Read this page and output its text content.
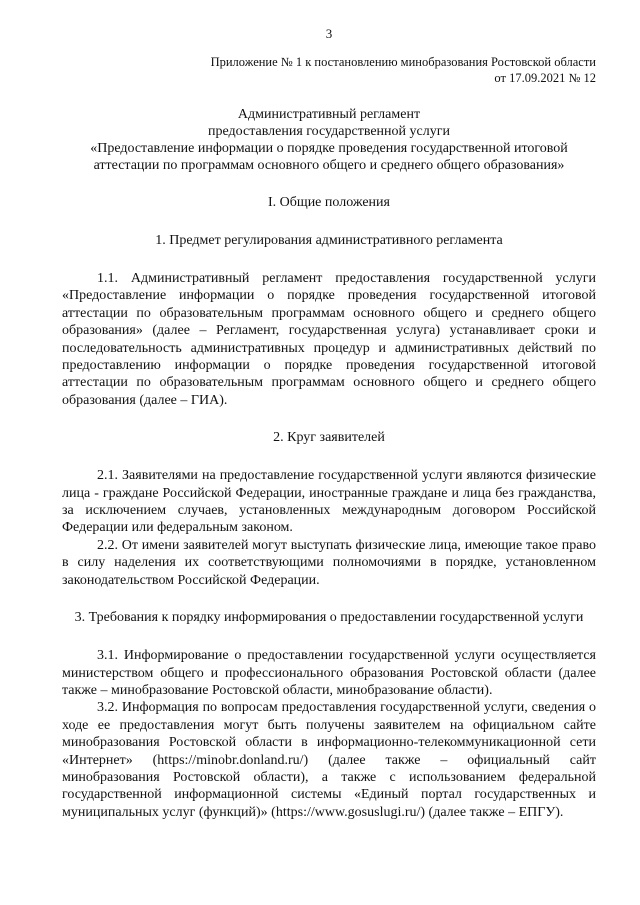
3
Приложение № 1 к постановлению минобразования Ростовской области
от 17.09.2021 № 12
Административный регламент
предоставления государственной услуги
«Предоставление информации о порядке проведения государственной итоговой
аттестации по программам основного общего и среднего общего образования»
I. Общие положения
1. Предмет регулирования административного регламента

1.1. Административный регламент предоставления государственной услуги «Предоставление информации о порядке проведения государственной итоговой аттестации по образовательным программам основного общего и среднего общего образования» (далее – Регламент, государственная услуга) устанавливает сроки и последовательность административных процедур и административных действий по предоставлению информации о порядке проведения государственной итоговой аттестации по образовательным программам основного общего и среднего общего образования (далее – ГИА).

2. Круг заявителей

2.1. Заявителями на предоставление государственной услуги являются физические лица - граждане Российской Федерации, иностранные граждане и лица без гражданства, за исключением случаев, установленных международным договором Российской Федерации или федеральным законом.

2.2. От имени заявителей могут выступать физические лица, имеющие такое право в силу наделения их соответствующими полномочиями в порядке, установленном законодательством Российской Федерации.

3. Требования к порядку информирования о предоставлении государственной услуги

3.1. Информирование о предоставлении государственной услуги осуществляется министерством общего и профессионального образования Ростовской области (далее также – минобразование Ростовской области, минобразование области).

3.2. Информация по вопросам предоставления государственной услуги, сведения о ходе ее предоставления могут быть получены заявителем на официальном сайте минобразования Ростовской области в информационно-телекоммуникационной сети «Интернет» (https://minobr.donland.ru/) (далее также – официальный сайт минобразования Ростовской области), а также с использованием федеральной государственной информационной системы «Единый портал государственных и муниципальных услуг (функций)» (https://www.gosuslugi.ru/) (далее также – ЕПГУ).
